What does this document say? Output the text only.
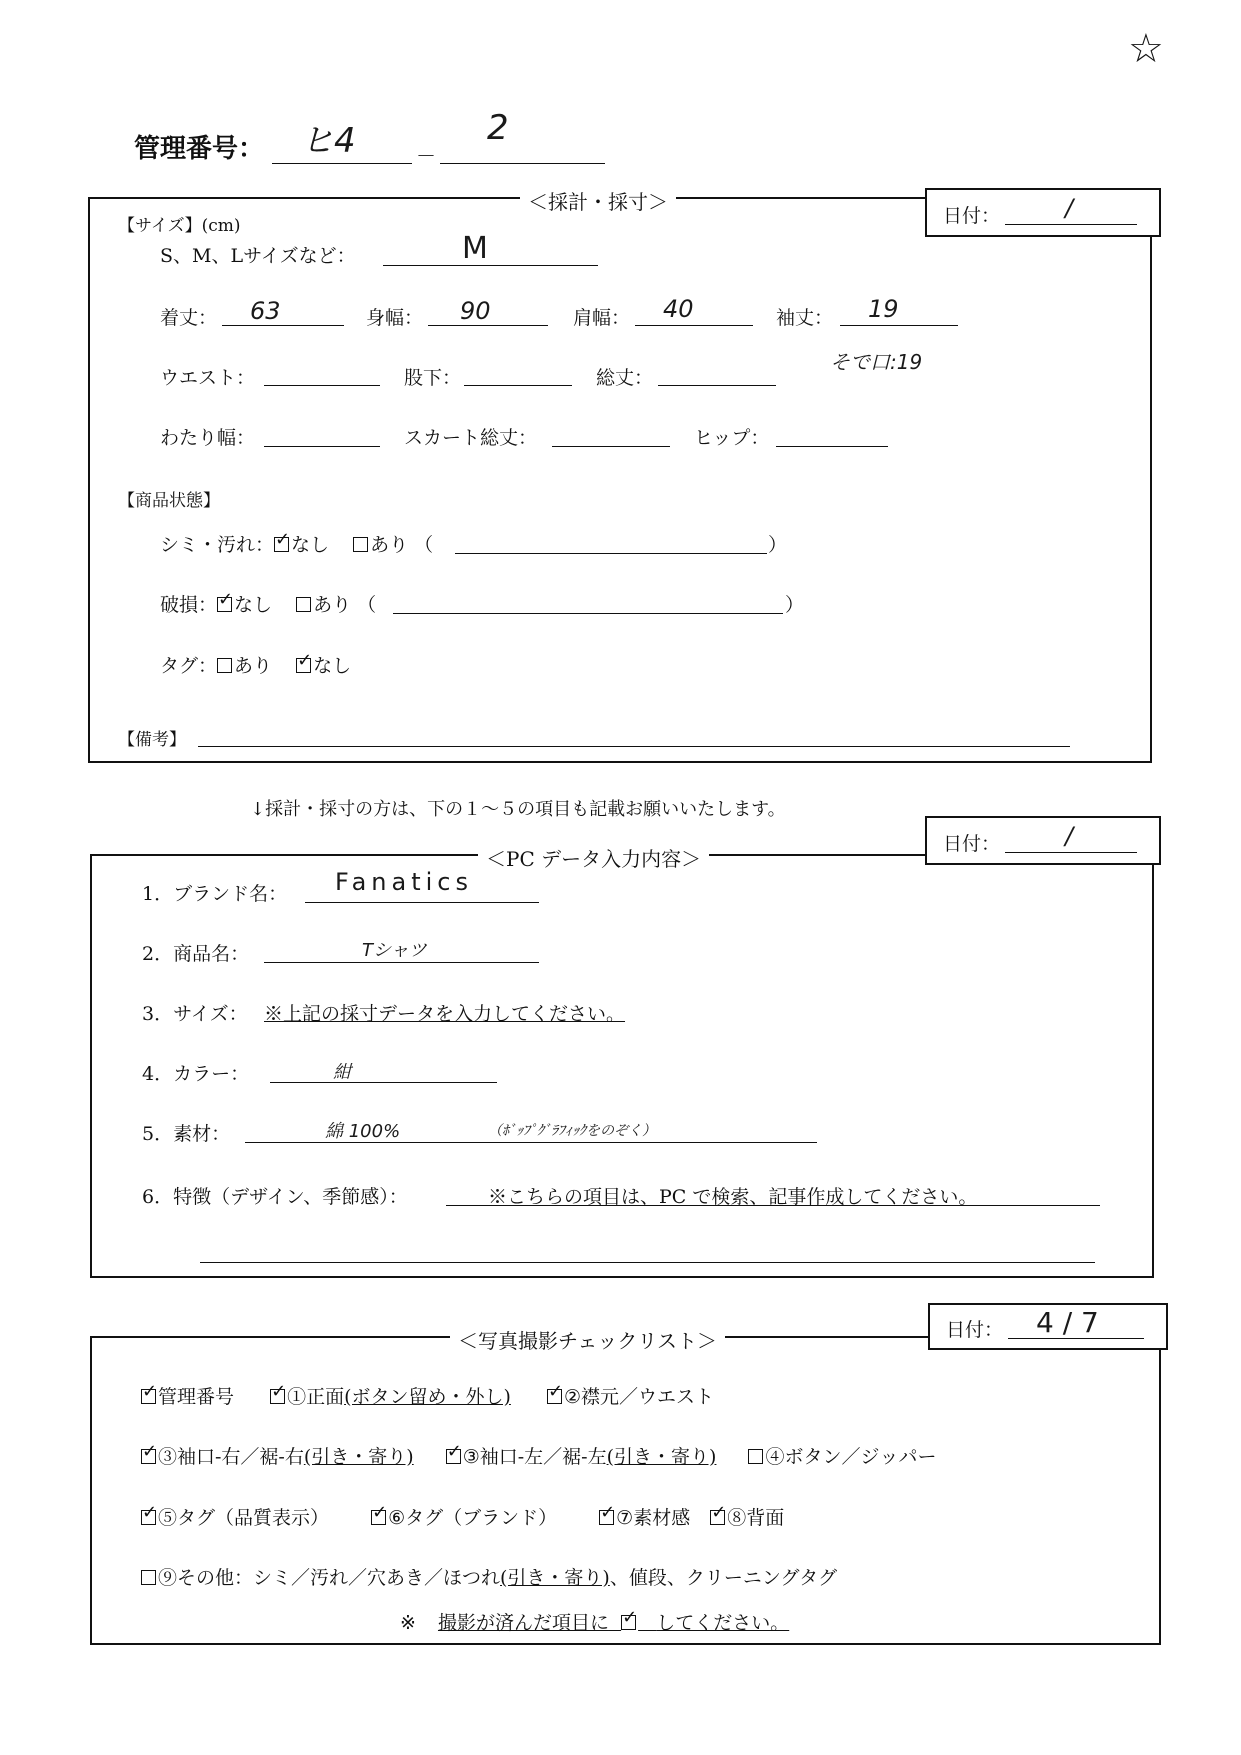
☆
管理番号： ヒ4	－
2
＜採計・採寸＞
日付：	/
【サイズ】(cm)
S、M、Lサイズなど：	M
着丈： 63	身幅： 90	肩幅： 40	袖丈： 19
そで口:19
ウエスト：	股下：	総丈：
わたり幅：	スカート総丈：	ヒップ：
【商品状態】
シミ・汚れ： ✓ なし あり （	）
破損： ✓ なし あり （	）
タグ： あり ✓ なし
【備考】
↓採計・採寸の方は、下の１～５の項目も記載お願いいたします。
＜PC データ入力内容＞
日付：	/
1．ブランド名： Fanatics
2．商品名：	Tシャツ
3．サイズ： ※上記の採寸データを入力してください。
4．カラー：	紺
5．素材：	綿 100%	（ﾎﾞｯﾌﾟｸﾞﾗﾌｨｯｸをのぞく）
6．特徴（デザイン、季節感）：	※こちらの項目は、PC で検索、記事作成してください。
＜写真撮影チェックリスト＞	日付： 4 / 7
✓管理番号 ✓	①正面(ボタン留め・外し) ✓	②襟元／ウエスト
✓③袖口-右／裾-右(引き・寄り) ✓	③袖口-左／裾-左(引き・寄り)	④ボタン／ジッパー
✓⑤タグ（品質表示） ✓	⑥タグ（ブランド） ✓	⑦素材感 ✓ ⑧背面
⑨その他：シミ／汚れ／穴あき／ほつれ(引き・寄り)、値段、クリーニングタグ
※ 撮影が済んだ項目に ✓ してください。
